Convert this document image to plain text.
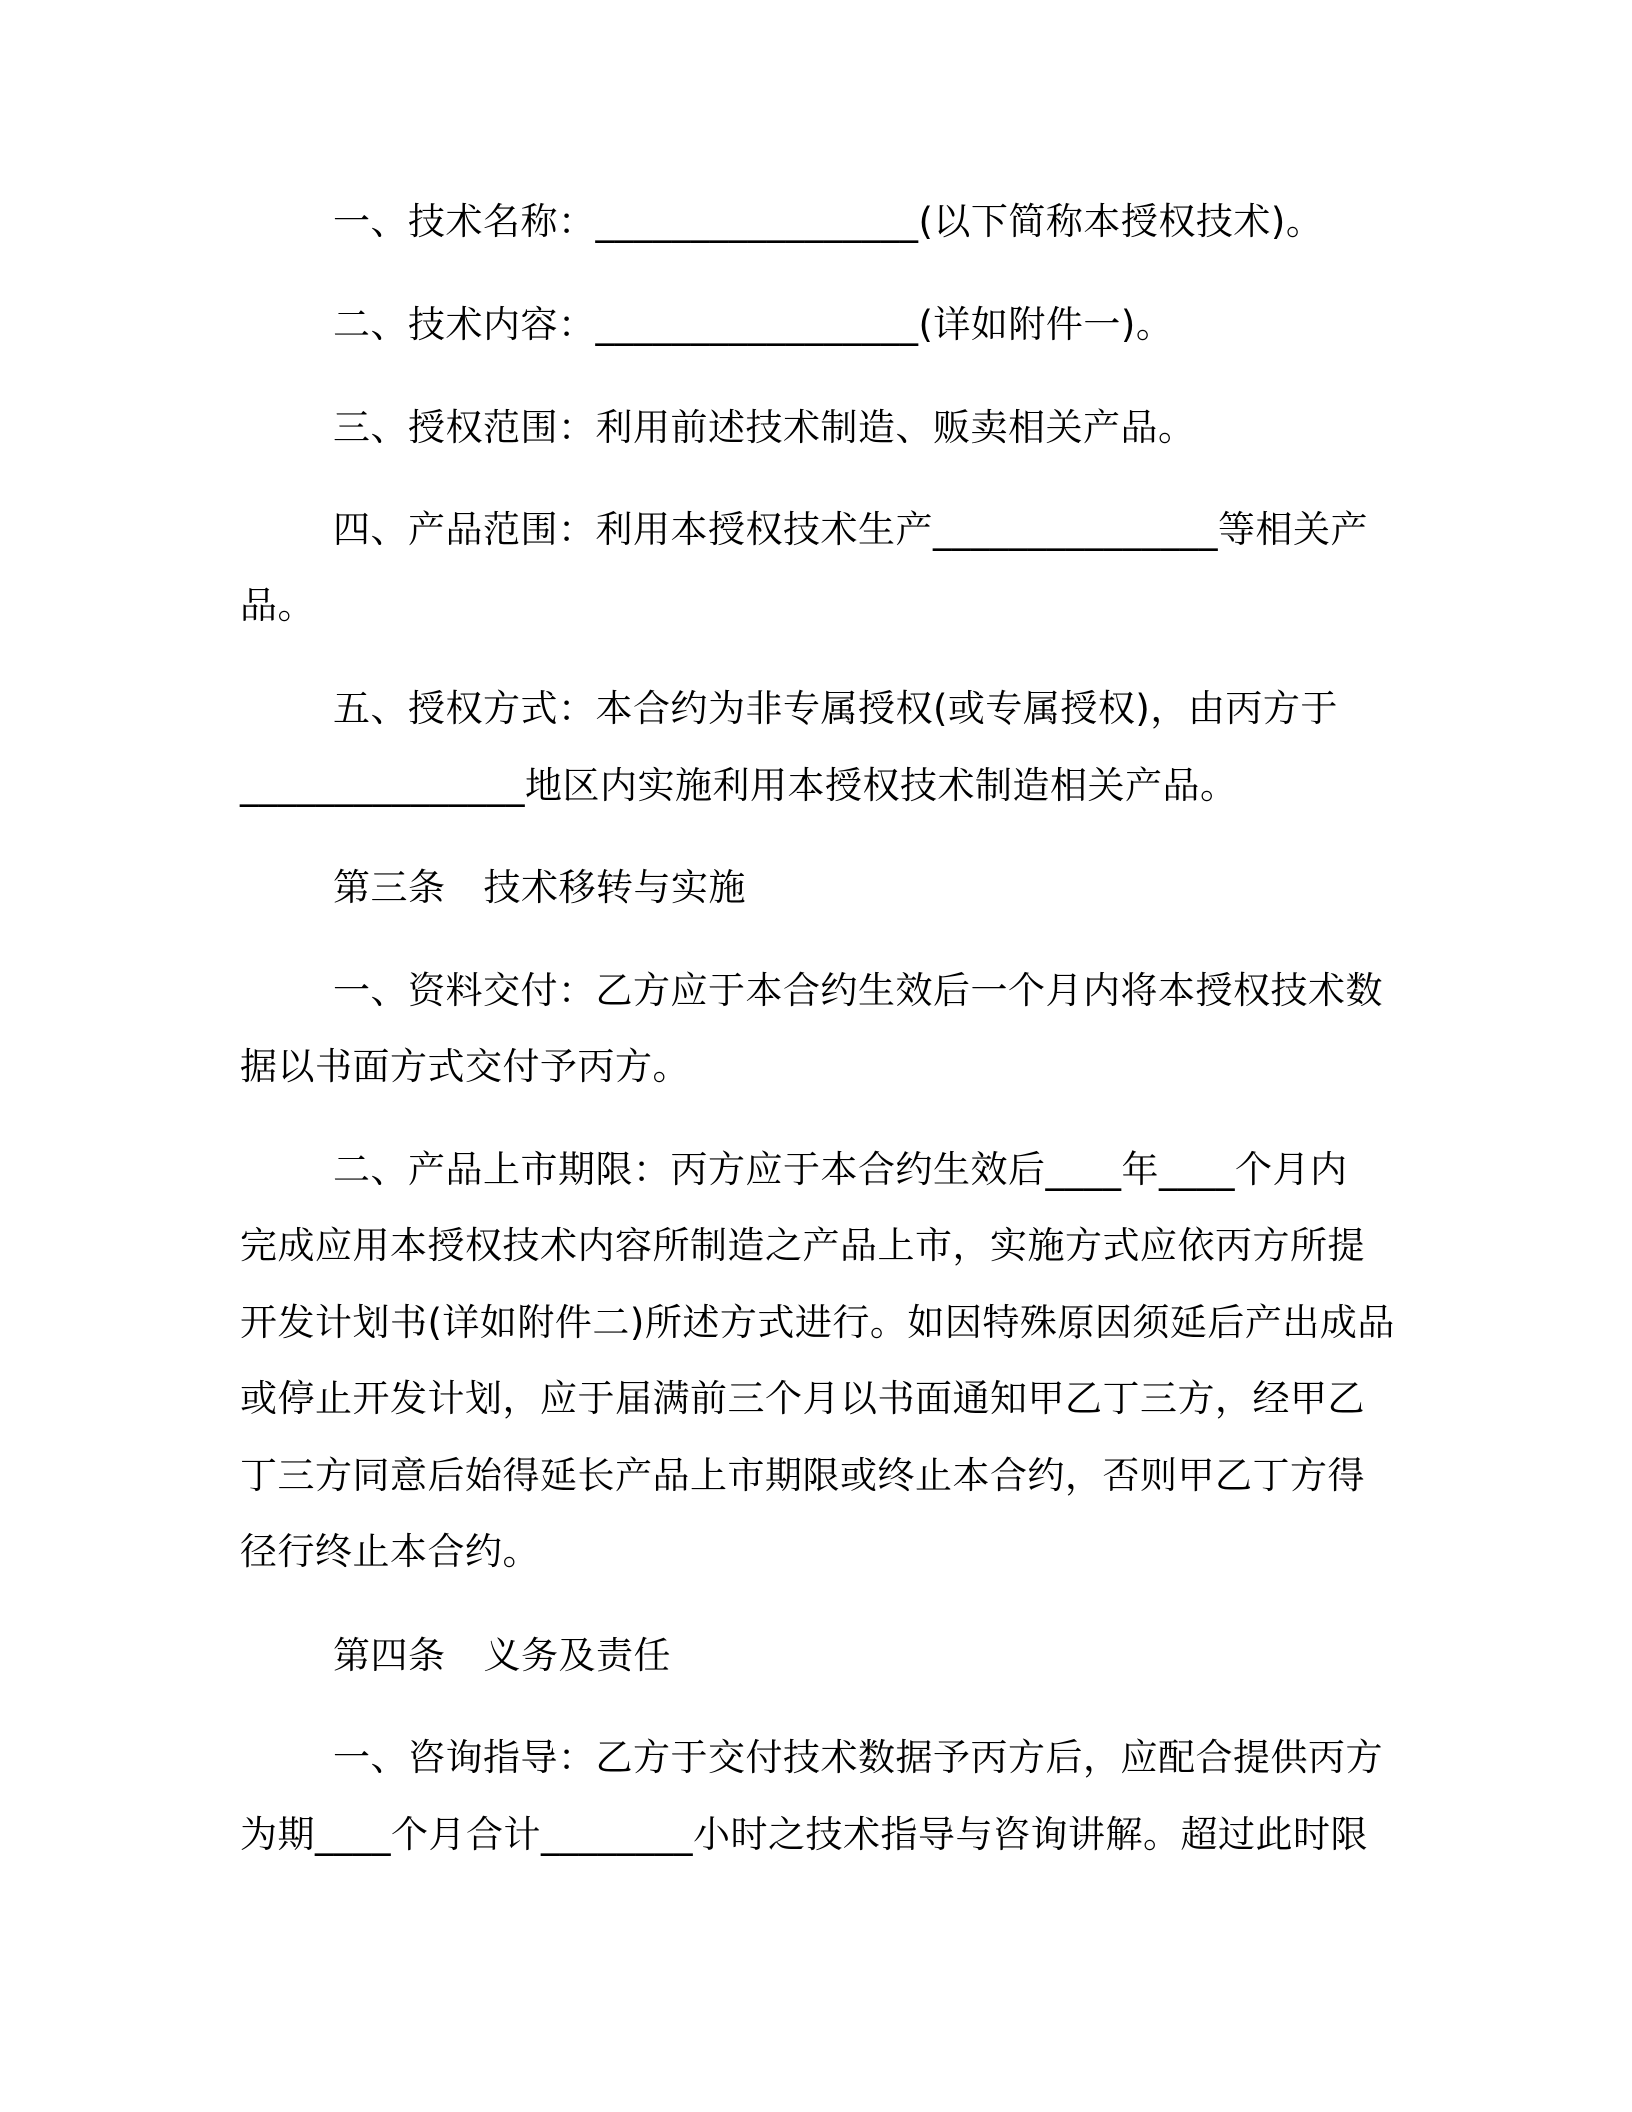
一、技术名称：_________________(以下简称本授权技术)。
二、技术内容：_________________(详如附件一)。
三、授权范围：利用前述技术制造、贩卖相关产品。
四、产品范围：利用本授权技术生产_______________等相关产
品。
五、授权方式：本合约为非专属授权(或专属授权)，由丙方于
_______________地区内实施利用本授权技术制造相关产品。
第三条 技术移转与实施
一、资料交付：乙方应于本合约生效后一个月内将本授权技术数
据以书面方式交付予丙方。
二、产品上市期限：丙方应于本合约生效后____年____个月内
完成应用本授权技术内容所制造之产品上市，实施方式应依丙方所提
开发计划书(详如附件二)所述方式进行。如因特殊原因须延后产出成品
或停止开发计划，应于届满前三个月以书面通知甲乙丁三方，经甲乙
丁三方同意后始得延长产品上市期限或终止本合约，否则甲乙丁方得
径行终止本合约。
第四条 义务及责任
一、咨询指导：乙方于交付技术数据予丙方后，应配合提供丙方
为期____个月合计________小时之技术指导与咨询讲解。超过此时限
